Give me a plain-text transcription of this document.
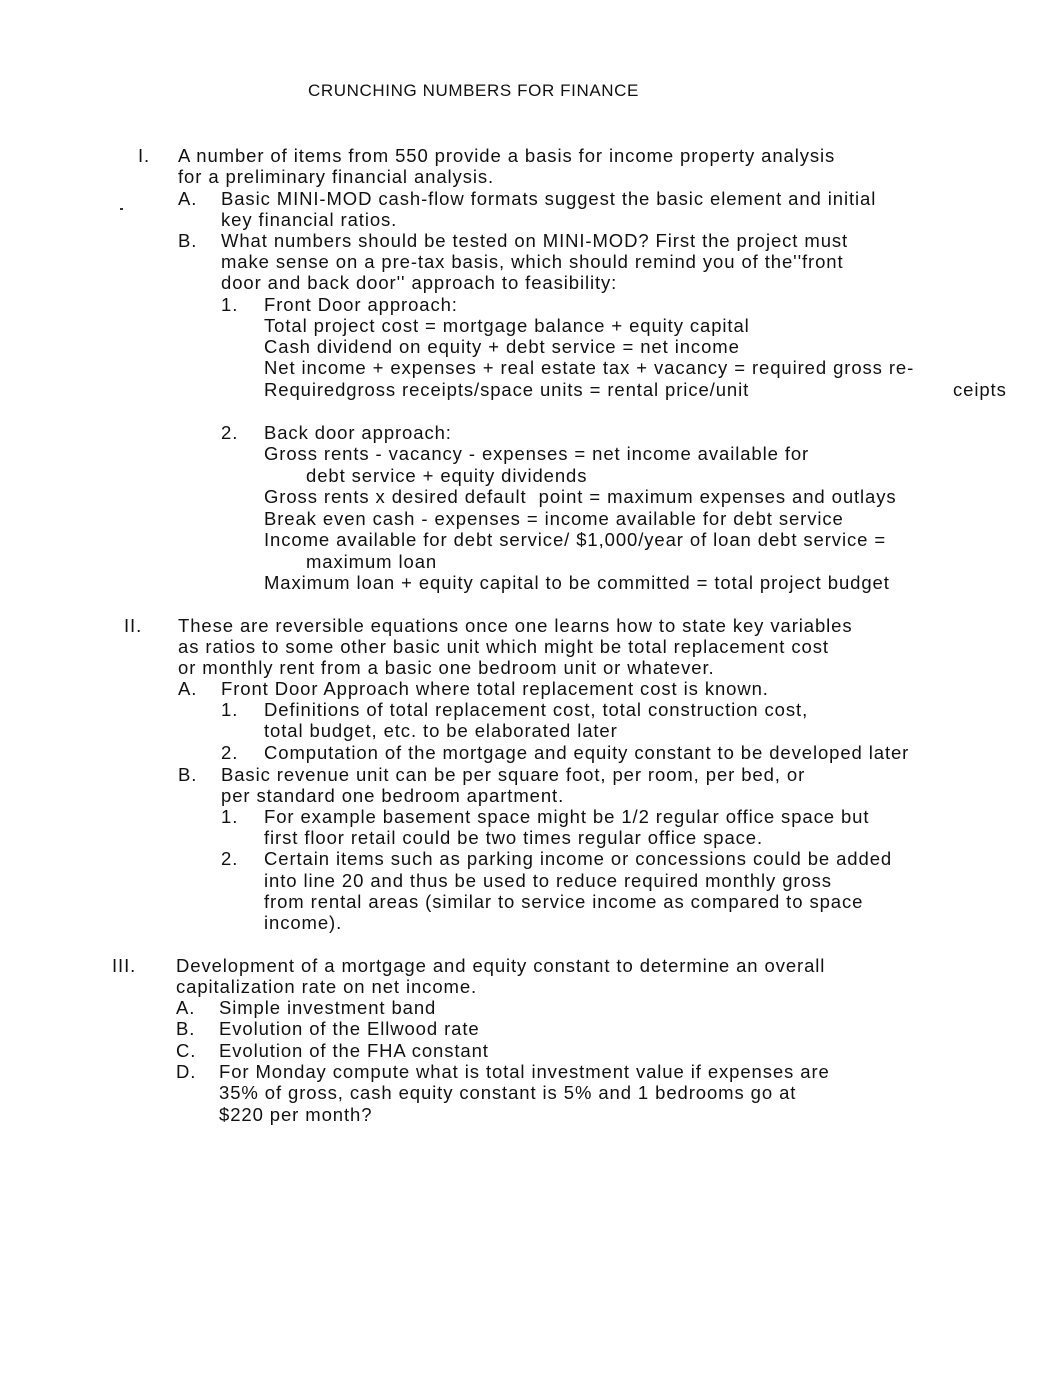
CRUNCHING NUMBERS FOR FINANCE
I. A number of items from 550 provide a basis for income property analysis
for a preliminary financial analysis.
A. Basic MINI-MOD cash-flow formats suggest the basic element and initial
key financial ratios.
B. What numbers should be tested on MINI-MOD? First the project must
make sense on a pre-tax basis, which should remind you of the''front
door and back door'' approach to feasibility:
1. Front Door approach:
Total project cost = mortgage balance + equity capital
Cash dividend on equity + debt service = net income
Net income + expenses + real estate tax + vacancy = required gross re-
Requiredgross receipts/space units = rental price/unit	ceipts
2. Back door approach:
Gross rents - vacancy - expenses = net income available for
debt service + equity dividends
Gross rents x desired default  point = maximum expenses and outlays
Break even cash - expenses = income available for debt service
Income available for debt service/ $1,000/year of loan debt service =
maximum loan
Maximum loan + equity capital to be committed = total project budget
II. These are reversible equations once one learns how to state key variables
as ratios to some other basic unit which might be total replacement cost
or monthly rent from a basic one bedroom unit or whatever.
A. Front Door Approach where total replacement cost is known.
1. Definitions of total replacement cost, total construction cost,
total budget, etc. to be elaborated later
2. Computation of the mortgage and equity constant to be developed later
B. Basic revenue unit can be per square foot, per room, per bed, or
per standard one bedroom apartment.
1. For example basement space might be 1/2 regular office space but
first floor retail could be two times regular office space.
2. Certain items such as parking income or concessions could be added
into line 20 and thus be used to reduce required monthly gross
from rental areas (similar to service income as compared to space
income).
III. Development of a mortgage and equity constant to determine an overall
capitalization rate on net income.
A. Simple investment band
B. Evolution of the Ellwood rate
C. Evolution of the FHA constant
D. For Monday compute what is total investment value if expenses are
35% of gross, cash equity constant is 5% and 1 bedrooms go at
$220 per month?
